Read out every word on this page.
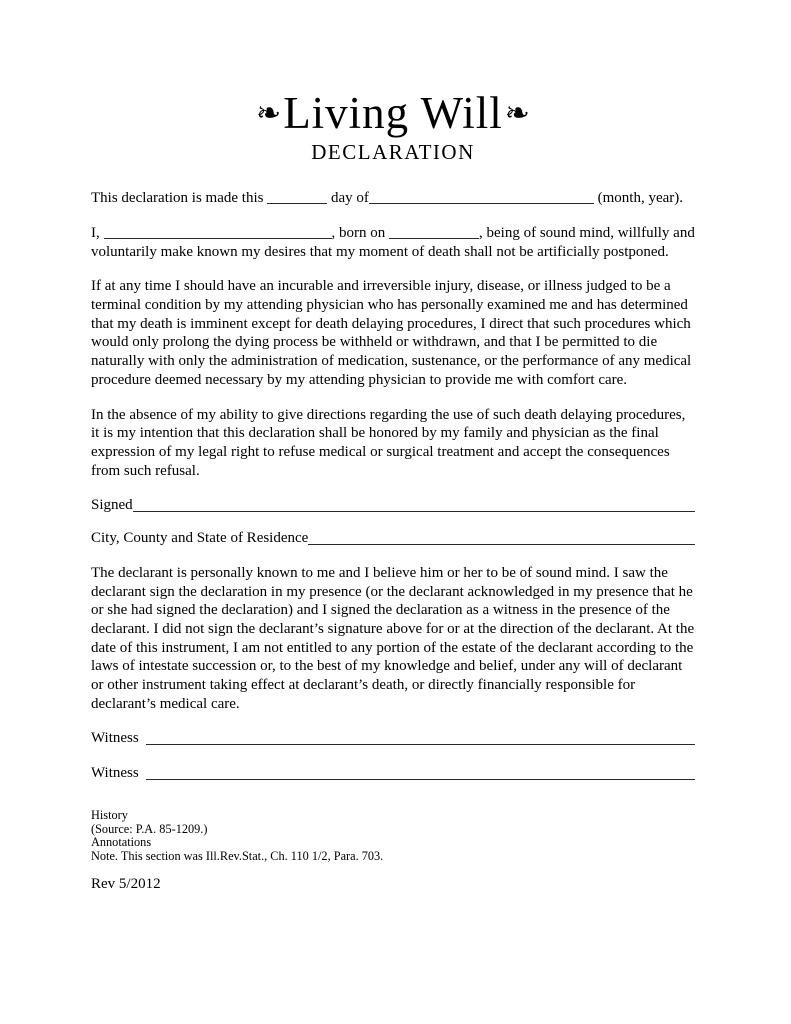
❧Living Will❧
DECLARATION

This declaration is made this	day of	(month, year).

I,	, born on	, being of sound mind, willfully and voluntarily make known my desires that my moment of death shall not be artificially postponed.

If at any time I should have an incurable and irreversible injury, disease, or illness judged to be a terminal condition by my attending physician who has personally examined me and has determined that my death is imminent except for death delaying procedures, I direct that such procedures which would only prolong the dying process be withheld or withdrawn, and that I be permitted to die naturally with only the administration of medication, sustenance, or the performance of any medical procedure deemed necessary by my attending physician to provide me with comfort care.

In the absence of my ability to give directions regarding the use of such death delaying procedures, it is my intention that this declaration shall be honored by my family and physician as the final expression of my legal right to refuse medical or surgical treatment and accept the consequences from such refusal.

Signed
City, County and State of Residence

The declarant is personally known to me and I believe him or her to be of sound mind. I saw the declarant sign the declaration in my presence (or the declarant acknowledged in my presence that he or she had signed the declaration) and I signed the declaration as a witness in the presence of the declarant. I did not sign the declarant’s signature above for or at the direction of the declarant. At the date of this instrument, I am not entitled to any portion of the estate of the declarant according to the laws of intestate succession or, to the best of my knowledge and belief, under any will of declarant or other instrument taking effect at declarant’s death, or directly financially responsible for declarant’s medical care.

Witness
Witness
History
(Source: P.A. 85-1209.)
Annotations
Note. This section was Ill.Rev.Stat., Ch. 110 1/2, Para. 703.
Rev 5/2012
